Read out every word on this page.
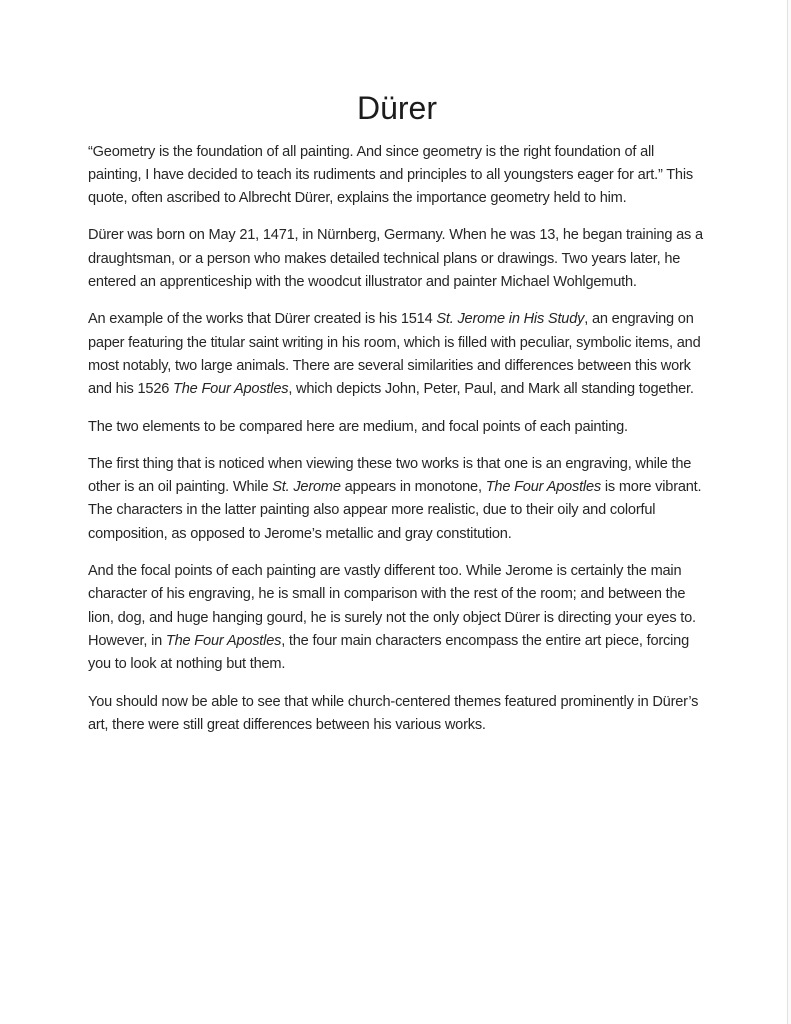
Dürer

“Geometry is the foundation of all painting. And since geometry is the right foundation of all painting, I have decided to teach its rudiments and principles to all youngsters eager for art.” This quote, often ascribed to Albrecht Dürer, explains the importance geometry held to him.

Dürer was born on May 21, 1471, in Nürnberg, Germany. When he was 13, he began training as a draughtsman, or a person who makes detailed technical plans or drawings. Two years later, he entered an apprenticeship with the woodcut illustrator and painter Michael Wohlgemuth.

An example of the works that Dürer created is his 1514 St. Jerome in His Study, an engraving on paper featuring the titular saint writing in his room, which is filled with peculiar, symbolic items, and most notably, two large animals. There are several similarities and differences between this work and his 1526 The Four Apostles, which depicts John, Peter, Paul, and Mark all standing together.

The two elements to be compared here are medium, and focal points of each painting.

The first thing that is noticed when viewing these two works is that one is an engraving, while the other is an oil painting. While St. Jerome appears in monotone, The Four Apostles is more vibrant. The characters in the latter painting also appear more realistic, due to their oily and colorful composition, as opposed to Jerome’s metallic and gray constitution.

And the focal points of each painting are vastly different too. While Jerome is certainly the main character of his engraving, he is small in comparison with the rest of the room; and between the lion, dog, and huge hanging gourd, he is surely not the only object Dürer is directing your eyes to. However, in The Four Apostles, the four main characters encompass the entire art piece, forcing you to look at nothing but them.

You should now be able to see that while church-centered themes featured prominently in Dürer’s art, there were still great differences between his various works.
